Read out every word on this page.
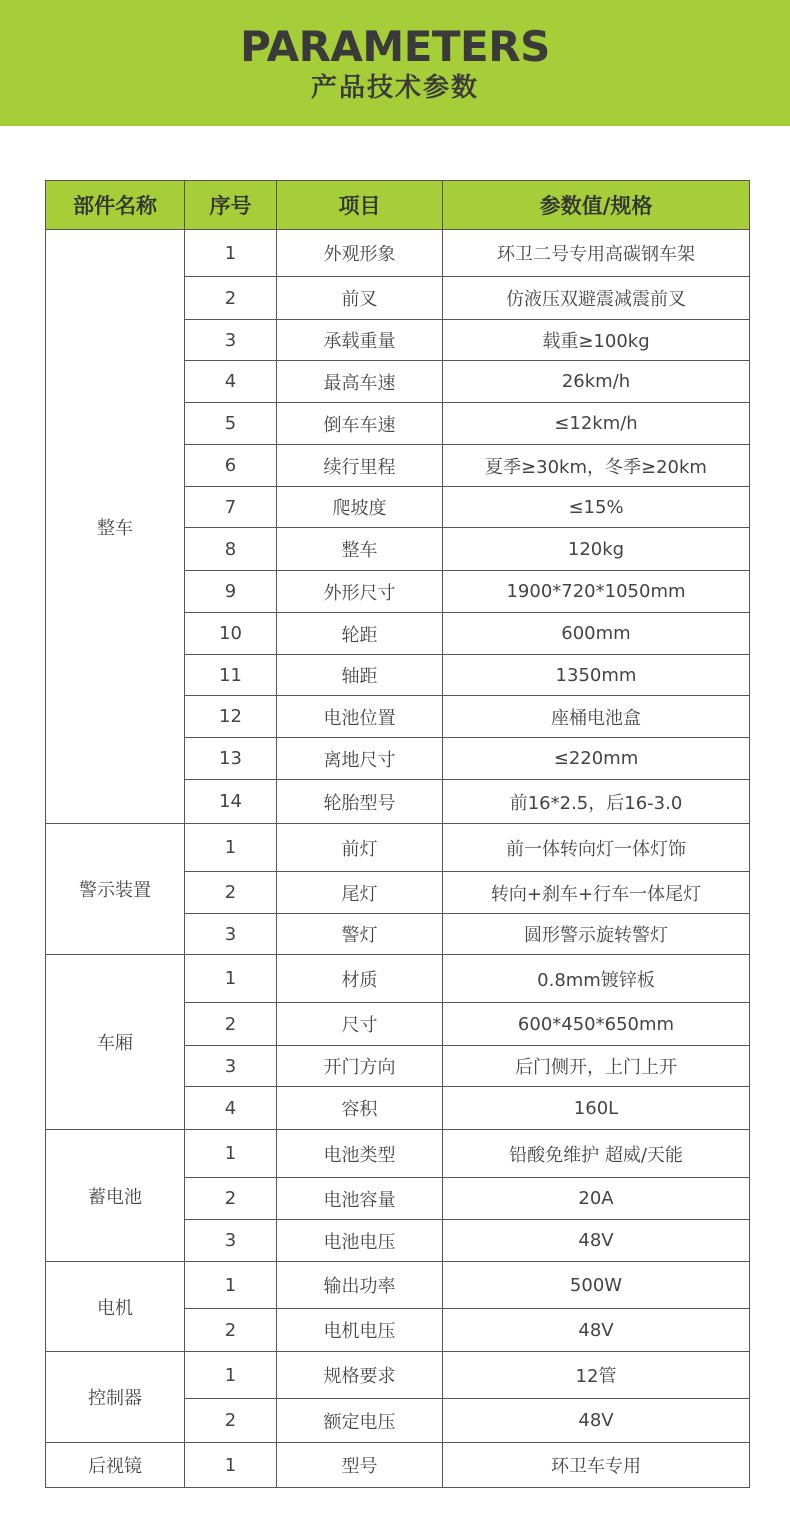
PARAMETERS
产品技术参数
部件名称	序号	项目	参数值/规格
整车	1	外观形象	环卫二号专用高碳钢车架
	2	前叉	仿液压双避震减震前叉
	3	承载重量	载重≥100kg
	4	最高车速	26km/h
	5	倒车车速	≤12km/h
	6	续行里程	夏季≥30km，冬季≥20km
	7	爬坡度	≤15%
	8	整车	120kg
	9	外形尺寸	1900*720*1050mm
	10	轮距	600mm
	11	轴距	1350mm
	12	电池位置	座桶电池盒
	13	离地尺寸	≤220mm
	14	轮胎型号	前16*2.5，后16-3.0
警示装置	1	前灯	前一体转向灯一体灯饰
	2	尾灯	转向+刹车+行车一体尾灯
	3	警灯	圆形警示旋转警灯
车厢	1	材质	0.8mm镀锌板
	2	尺寸	600*450*650mm
	3	开门方向	后门侧开，上门上开
	4	容积	160L
蓄电池	1	电池类型	铅酸免维护 超威/天能
	2	电池容量	20A
	3	电池电压	48V
电机	1	输出功率	500W
	2	电机电压	48V
控制器	1	规格要求	12管
	2	额定电压	48V
后视镜	1	型号	环卫车专用
